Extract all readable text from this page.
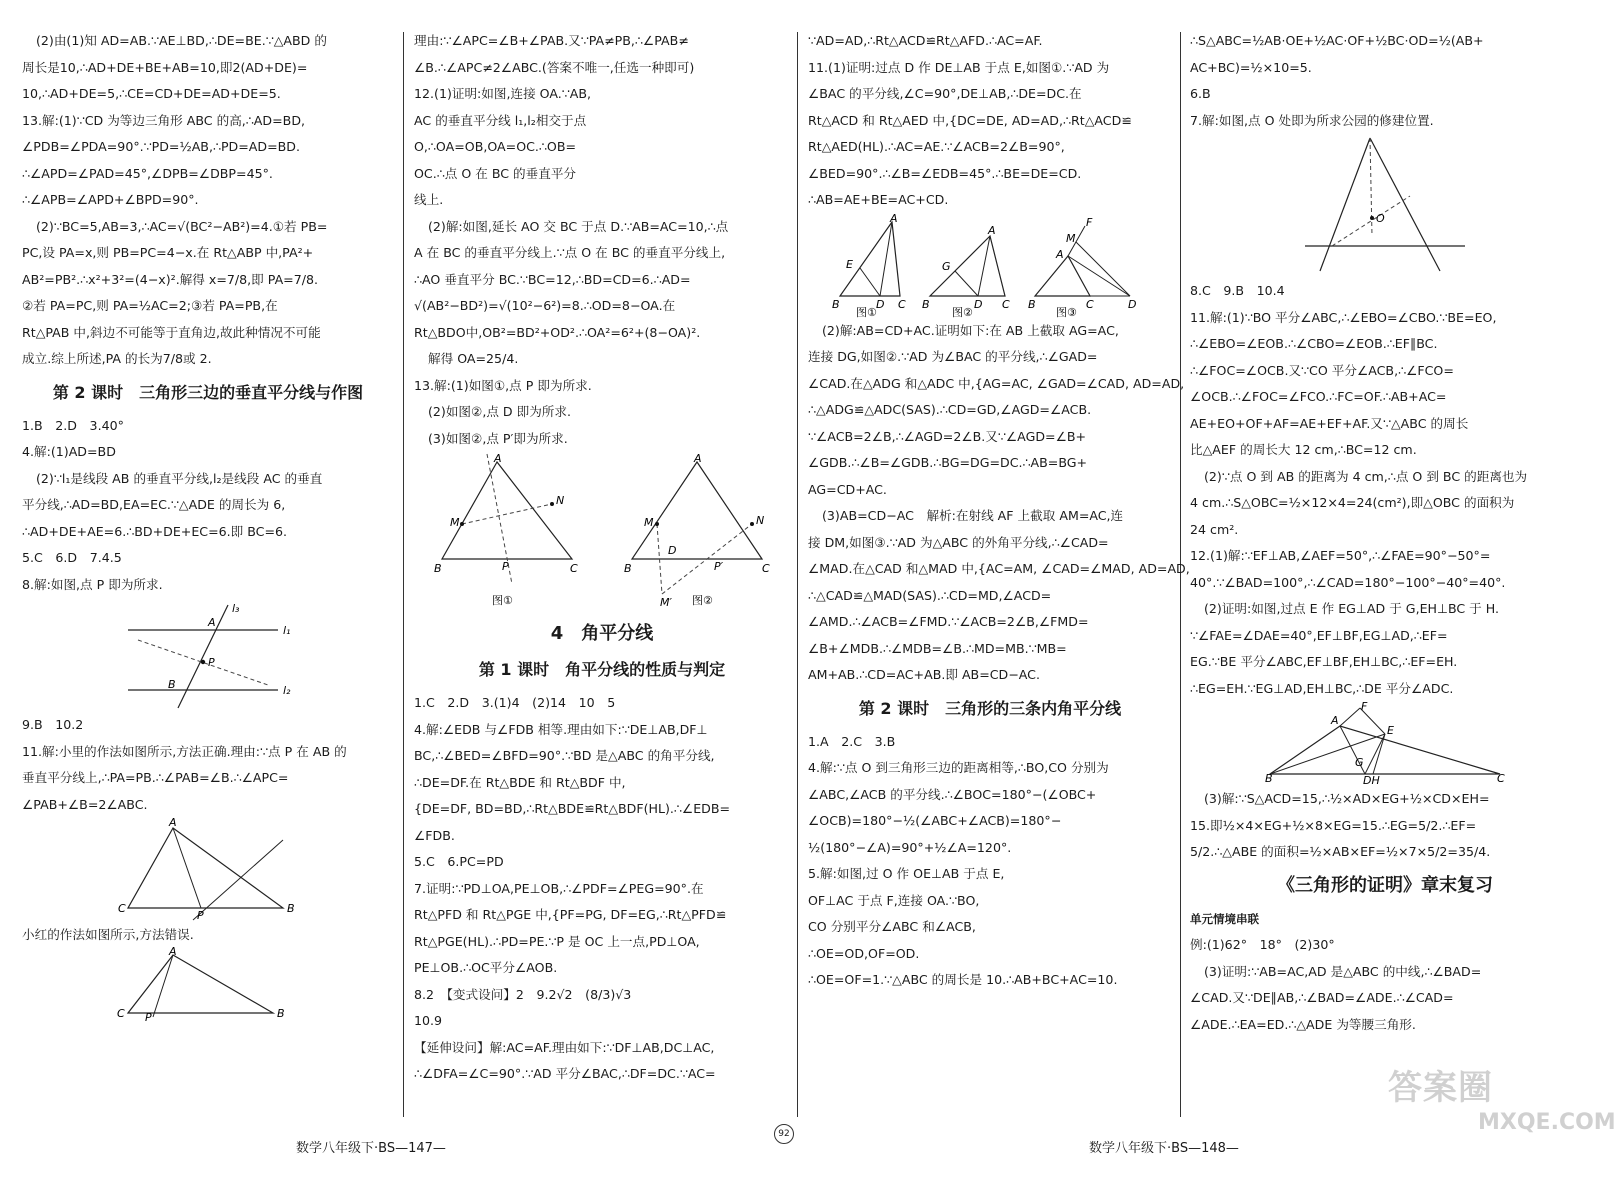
(2)由(1)知 AD=AB.∵AE⊥BD,∴DE=BE.∵△ABD 的
周长是10,∴AD+DE+BE+AB=10,即2(AD+DE)=
10,∴AD+DE=5,∴CE=CD+DE=AD+DE=5.
13.解:(1)∵CD 为等边三角形 ABC 的高,∴AD=BD,
∠PDB=∠PDA=90°.∵PD=½AB,∴PD=AD=BD.
∴∠APD=∠PAD=45°,∠DPB=∠DBP=45°.
∴∠APB=∠APD+∠BPD=90°.
(2)∵BC=5,AB=3,∴AC=√(BC²−AB²)=4.①若 PB=
PC,设 PA=x,则 PB=PC=4−x.在 Rt△ABP 中,PA²+
AB²=PB².∴x²+3²=(4−x)².解得 x=7/8,即 PA=7/8.
②若 PA=PC,则 PA=½AC=2;③若 PA=PB,在
Rt△PAB 中,斜边不可能等于直角边,故此种情况不可能
成立.综上所述,PA 的长为7/8或 2.
第 2 课时　三角形三边的垂直平分线与作图
1.B　2.D　3.40°
4.解:(1)AD=BD
(2)∵l₁是线段 AB 的垂直平分线,l₂是线段 AC 的垂直
平分线,∴AD=BD,EA=EC.∵△ADE 的周长为 6,
∴AD+DE+AE=6.∴BD+DE+EC=6.即 BC=6.
5.C　6.D　7.4.5
8.解:如图,点 P 即为所求.
A
B
P
l₁
l₂
l₃
9.B　10.2
11.解:小里的作法如图所示,方法正确.理由:∵点 P 在 AB 的
垂直平分线上,∴PA=PB.∴∠PAB=∠B.∴∠APC=
∠PAB+∠B=2∠ABC.
A
C	B
P
小红的作法如图所示,方法错误.
A
C	B
P
理由:∵∠APC=∠B+∠PAB.又∵PA≠PB,∴∠PAB≠
∠B.∴∠APC≠2∠ABC.(答案不唯一,任选一种即可)
12.(1)证明:如图,连接 OA.∵AB,
AC 的垂直平分线 l₁,l₂相交于点
O,∴OA=OB,OA=OC.∴OB=
OC.∴点 O 在 BC 的垂直平分
线上.
(2)解:如图,延长 AO 交 BC 于点 D.∵AB=AC=10,∴点
A 在 BC 的垂直平分线上.∵点 O 在 BC 的垂直平分线上,
∴AO 垂直平分 BC.∵BC=12,∴BD=CD=6.∴AD=
√(AB²−BD²)=√(10²−6²)=8.∴OD=8−OA.在
Rt△BDO中,OB²=BD²+OD².∴OA²=6²+(8−OA)².
解得 OA=25/4.
13.解:(1)如图①,点 P 即为所求.
(2)如图②,点 D 即为所求.
(3)如图②,点 P′即为所求.
A
B	C
M
N
P
图①
A
B	C
M	N
D
P′
M′ 图②
4　角平分线
第 1 课时　角平分线的性质与判定
1.C　2.D　3.(1)4　(2)14　10　5
4.解:∠EDB 与∠FDB 相等.理由如下:∵DE⊥AB,DF⊥
BC,∴∠BED=∠BFD=90°.∵BD 是△ABC 的角平分线,
∴DE=DF.在 Rt△BDE 和 Rt△BDF 中,
{DE=DF, BD=BD,∴Rt△BDE≌Rt△BDF(HL).∴∠EDB=
∠FDB.
5.C　6.PC=PD
7.证明:∵PD⊥OA,PE⊥OB,∴∠PDF=∠PEG=90°.在
Rt△PFD 和 Rt△PGE 中,{PF=PG, DF=EG,∴Rt△PFD≌
Rt△PGE(HL).∴PD=PE.∵P 是 OC 上一点,PD⊥OA,
PE⊥OB.∴OC平分∠AOB.
8.2　【变式设问】2　9.2√2　(8/3)√3
10.9
【延伸设问】解:AC=AF.理由如下:∵DF⊥AB,DC⊥AC,
∴∠DFA=∠C=90°.∵AD 平分∠BAC,∴DF=DC.∵AC=
∵AD=AD,∴Rt△ACD≌Rt△AFD.∴AC=AF.
11.(1)证明:过点 D 作 DE⊥AB 于点 E,如图①.∵AD 为
∠BAC 的平分线,∠C=90°,DE⊥AB,∴DE=DC.在
Rt△ACD 和 Rt△AED 中,{DC=DE, AD=AD,∴Rt△ACD≌
Rt△AED(HL).∴AC=AE.∵∠ACB=2∠B=90°,
∠BED=90°.∴∠B=∠EDB=45°.∴BE=DE=CD.
∴AB=AE+BE=AC+CD.
A
B	D C
E
图①
A
B	D C
G
图②
A
B	C	D
M
F
图③
(2)解:AB=CD+AC.证明如下:在 AB 上截取 AG=AC,
连接 DG,如图②.∵AD 为∠BAC 的平分线,∴∠GAD=
∠CAD.在△ADG 和△ADC 中,{AG=AC, ∠GAD=∠CAD, AD=AD,
∴△ADG≌△ADC(SAS).∴CD=GD,∠AGD=∠ACB.
∵∠ACB=2∠B,∴∠AGD=2∠B.又∵∠AGD=∠B+
∠GDB.∴∠B=∠GDB.∴BG=DG=DC.∴AB=BG+
AG=CD+AC.
(3)AB=CD−AC　解析:在射线 AF 上截取 AM=AC,连
接 DM,如图③.∵AD 为△ABC 的外角平分线,∴∠CAD=
∠MAD.在△CAD 和△MAD 中,{AC=AM, ∠CAD=∠MAD, AD=AD,
∴△CAD≌△MAD(SAS).∴CD=MD,∠ACD=
∠AMD.∴∠ACB=∠FMD.∵∠ACB=2∠B,∠FMD=
∠B+∠MDB.∴∠MDB=∠B.∴MD=MB.∵MB=
AM+AB.∴CD=AC+AB.即 AB=CD−AC.
第 2 课时　三角形的三条内角平分线
1.A　2.C　3.B
4.解:∵点 O 到三角形三边的距离相等,∴BO,CO 分别为
∠ABC,∠ACB 的平分线.∴∠BOC=180°−(∠OBC+
∠OCB)=180°−½(∠ABC+∠ACB)=180°−
½(180°−∠A)=90°+½∠A=120°.
5.解:如图,过 O 作 OE⊥AB 于点 E,
OF⊥AC 于点 F,连接 OA.∵BO,
CO 分别平分∠ABC 和∠ACB,
∴OE=OD,OF=OD.
∴OE=OF=1.∵△ABC 的周长是 10.∴AB+BC+AC=10.
∴S△ABC=½AB·OE+½AC·OF+½BC·OD=½(AB+
AC+BC)=½×10=5.
6.B
7.解:如图,点 O 处即为所求公园的修建位置.
O
8.C　9.B　10.4
11.解:(1)∵BO 平分∠ABC,∴∠EBO=∠CBO.∵BE=EO,
∴∠EBO=∠EOB.∴∠CBO=∠EOB.∴EF∥BC.
∴∠FOC=∠OCB.又∵CO 平分∠ACB,∴∠FCO=
∠OCB.∴∠FOC=∠FCO.∴FC=OF.∴AB+AC=
AE+EO+OF+AF=AE+EF+AF.又∵△ABC 的周长
比△AEF 的周长大 12 cm,∴BC=12 cm.
(2)∵点 O 到 AB 的距离为 4 cm,∴点 O 到 BC 的距离也为
4 cm.∴S△OBC=½×12×4=24(cm²),即△OBC 的面积为
24 cm².
12.(1)解:∵EF⊥AB,∠AEF=50°,∴∠FAE=90°−50°=
40°.∵∠BAD=100°,∴∠CAD=180°−100°−40°=40°.
(2)证明:如图,过点 E 作 EG⊥AD 于 G,EH⊥BC 于 H.
∵∠FAE=∠DAE=40°,EF⊥BF,EG⊥AD,∴EF=
EG.∵BE 平分∠ABC,EF⊥BF,EH⊥BC,∴EF=EH.
∴EG=EH.∵EG⊥AD,EH⊥BC,∴DE 平分∠ADC.
A
F
E
B	C
G
DH
(3)解:∵S△ACD=15,∴½×AD×EG+½×CD×EH=
15.即½×4×EG+½×8×EG=15.∴EG=5/2.∴EF=
5/2.∴△ABE 的面积=½×AB×EF=½×7×5/2=35/4.
《三角形的证明》章末复习
单元情境串联
例:(1)62°　18°　(2)30°
(3)证明:∵AB=AC,AD 是△ABC 的中线,∴∠BAD=
∠CAD.又∵DE∥AB,∴∠BAD=∠ADE.∴∠CAD=
∠ADE.∴EA=ED.∴△ADE 为等腰三角形.
数学八年级下·BS—147—
92
数学八年级下·BS—148—
答案圈
MXQE.COM
